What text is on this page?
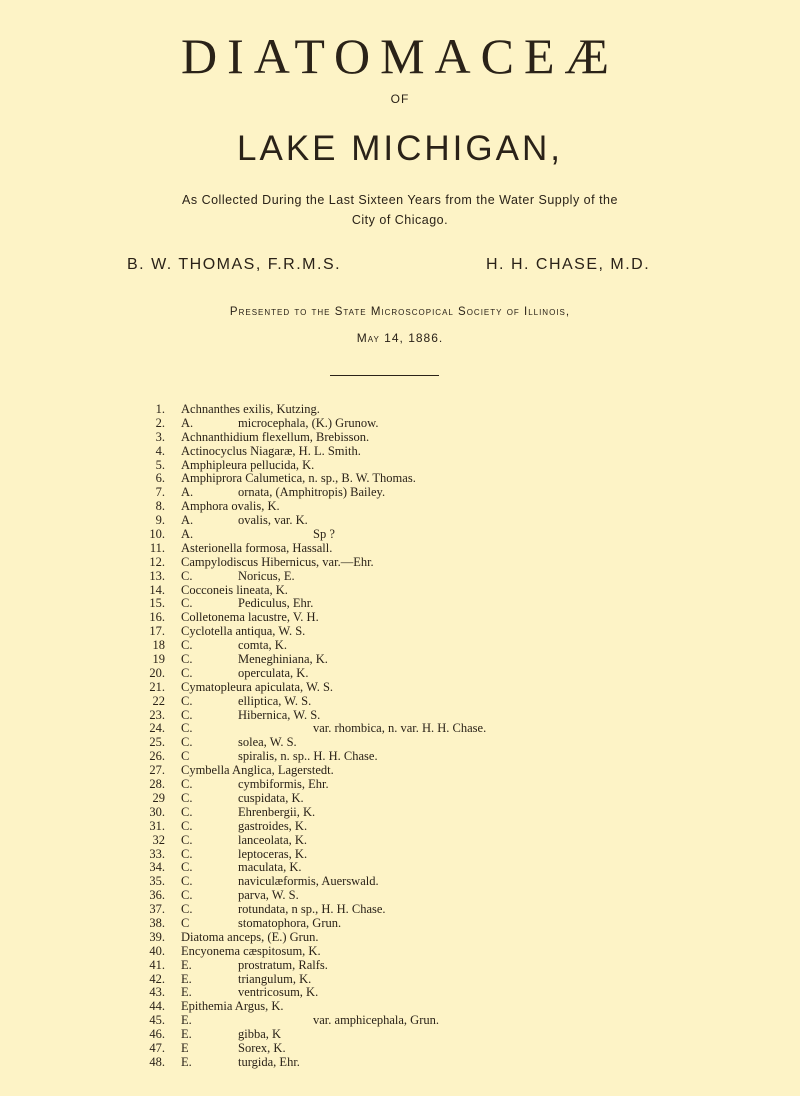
DIATOMACEÆ
OF
LAKE MICHIGAN,
As Collected During the Last Sixteen Years from the Water Supply of the
City of Chicago.
B. W. THOMAS, F.R.M.S.	H. H. CHASE, M.D.
Presented to the State Microscopical Society of Illinois,
May 14, 1886.
1. Achnanthes exilis, Kutzing.
2. A.	microcephala, (K.) Grunow.
3. Achnanthidium flexellum, Brebisson.
4. Actinocyclus Niagaræ, H. L. Smith.
5. Amphipleura pellucida, K.
6. Amphiprora Calumetica, n. sp., B. W. Thomas.
7. A.	ornata, (Amphitropis) Bailey.
8. Amphora ovalis, K.
9. A.	ovalis, var. K.
10. A.	Sp ?
11. Asterionella formosa, Hassall.
12. Campylodiscus Hibernicus, var.—Ehr.
13. C.	Noricus, E.
14. Cocconeis lineata, K.
15. C.	Pediculus, Ehr.
16. Colletonema lacustre, V. H.
17. Cyclotella antiqua, W. S.
18 C.	comta, K.
19 C.	Meneghiniana, K.
20. C.	operculata, K.
21. Cymatopleura apiculata, W. S.
22 C.	elliptica, W. S.
23. C.	Hibernica, W. S.
24. C.	var. rhombica, n. var. H. H. Chase.
25. C.	solea, W. S.
26. C	spiralis, n. sp.. H. H. Chase.
27. Cymbella Anglica, Lagerstedt.
28. C.	cymbiformis, Ehr.
29 C.	cuspidata, K.
30. C.	Ehrenbergii, K.
31. C.	gastroides, K.
32 C.	lanceolata, K.
33. C.	leptoceras, K.
34. C.	maculata, K.
35. C.	naviculæformis, Auerswald.
36. C.	parva, W. S.
37. C.	rotundata, n sp., H. H. Chase.
38. C	stomatophora, Grun.
39. Diatoma anceps, (E.) Grun.
40. Encyonema cæspitosum, K.
41. E.	prostratum, Ralfs.
42. E.	triangulum, K.
43. E.	ventricosum, K.
44. Epithemia Argus, K.
45. E.	var. amphicephala, Grun.
46. E.	gibba, K
47. E	Sorex, K.
48. E.	turgida, Ehr.
